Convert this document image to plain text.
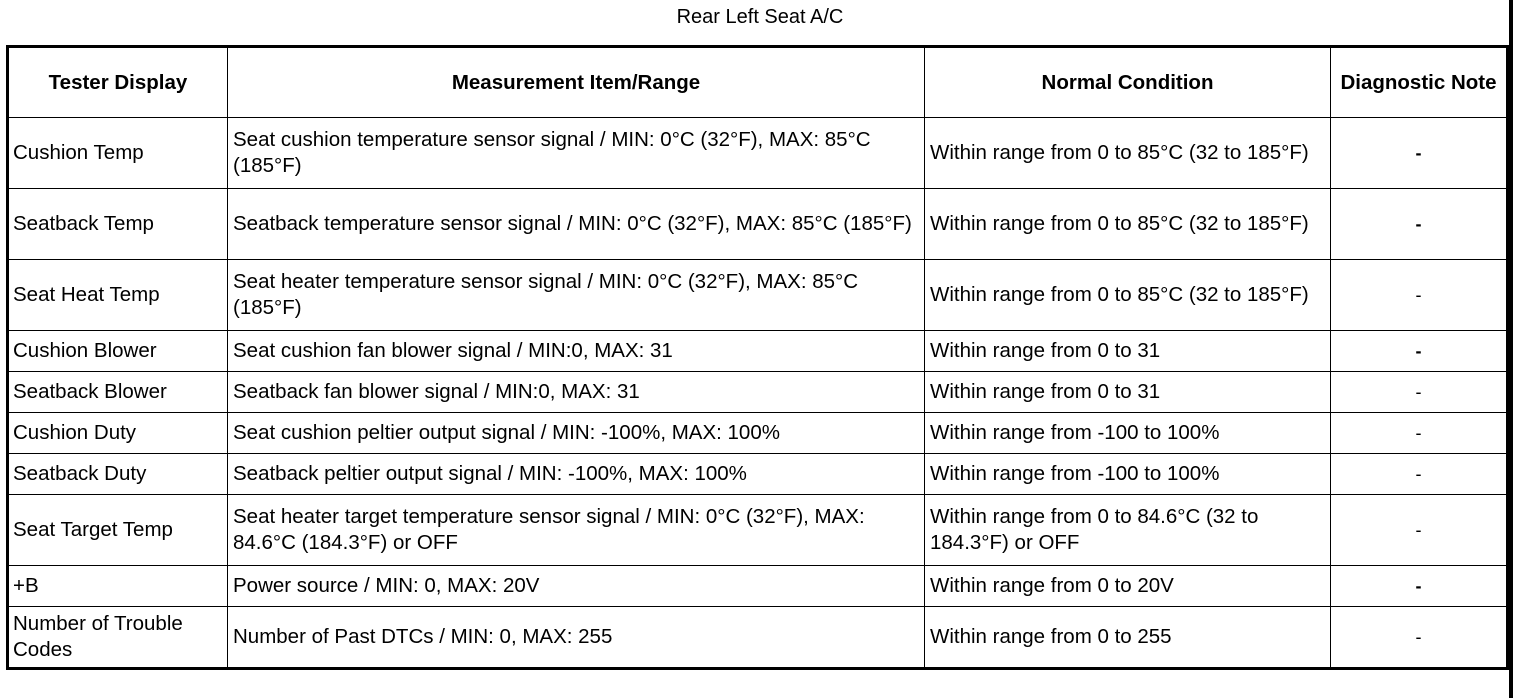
Rear Left Seat A/C
Tester Display	Measurement Item/Range	Normal Condition	Diagnostic Note
Cushion Temp	Seat cushion temperature sensor signal / MIN: 0°C (32°F), MAX: 85°C (185°F)	Within range from 0 to 85°C (32 to 185°F)	-
Seatback Temp	Seatback temperature sensor signal / MIN: 0°C (32°F), MAX: 85°C (185°F)	Within range from 0 to 85°C (32 to 185°F)	-
Seat Heat Temp	Seat heater temperature sensor signal / MIN: 0°C (32°F), MAX: 85°C (185°F)	Within range from 0 to 85°C (32 to 185°F)	-
Cushion Blower	Seat cushion fan blower signal / MIN:0, MAX: 31	Within range from 0 to 31	-
Seatback Blower	Seatback fan blower signal / MIN:0, MAX: 31	Within range from 0 to 31	-
Cushion Duty	Seat cushion peltier output signal / MIN: -100%, MAX: 100%	Within range from -100 to 100%	-
Seatback Duty	Seatback peltier output signal / MIN: -100%, MAX: 100%	Within range from -100 to 100%	-
Seat Target Temp	Seat heater target temperature sensor signal / MIN: 0°C (32°F), MAX: 84.6°C (184.3°F) or OFF	Within range from 0 to 84.6°C (32 to 184.3°F) or OFF	-
+B	Power source / MIN: 0, MAX: 20V	Within range from 0 to 20V	-
Number of Trouble Codes	Number of Past DTCs / MIN: 0, MAX: 255	Within range from 0 to 255	-
